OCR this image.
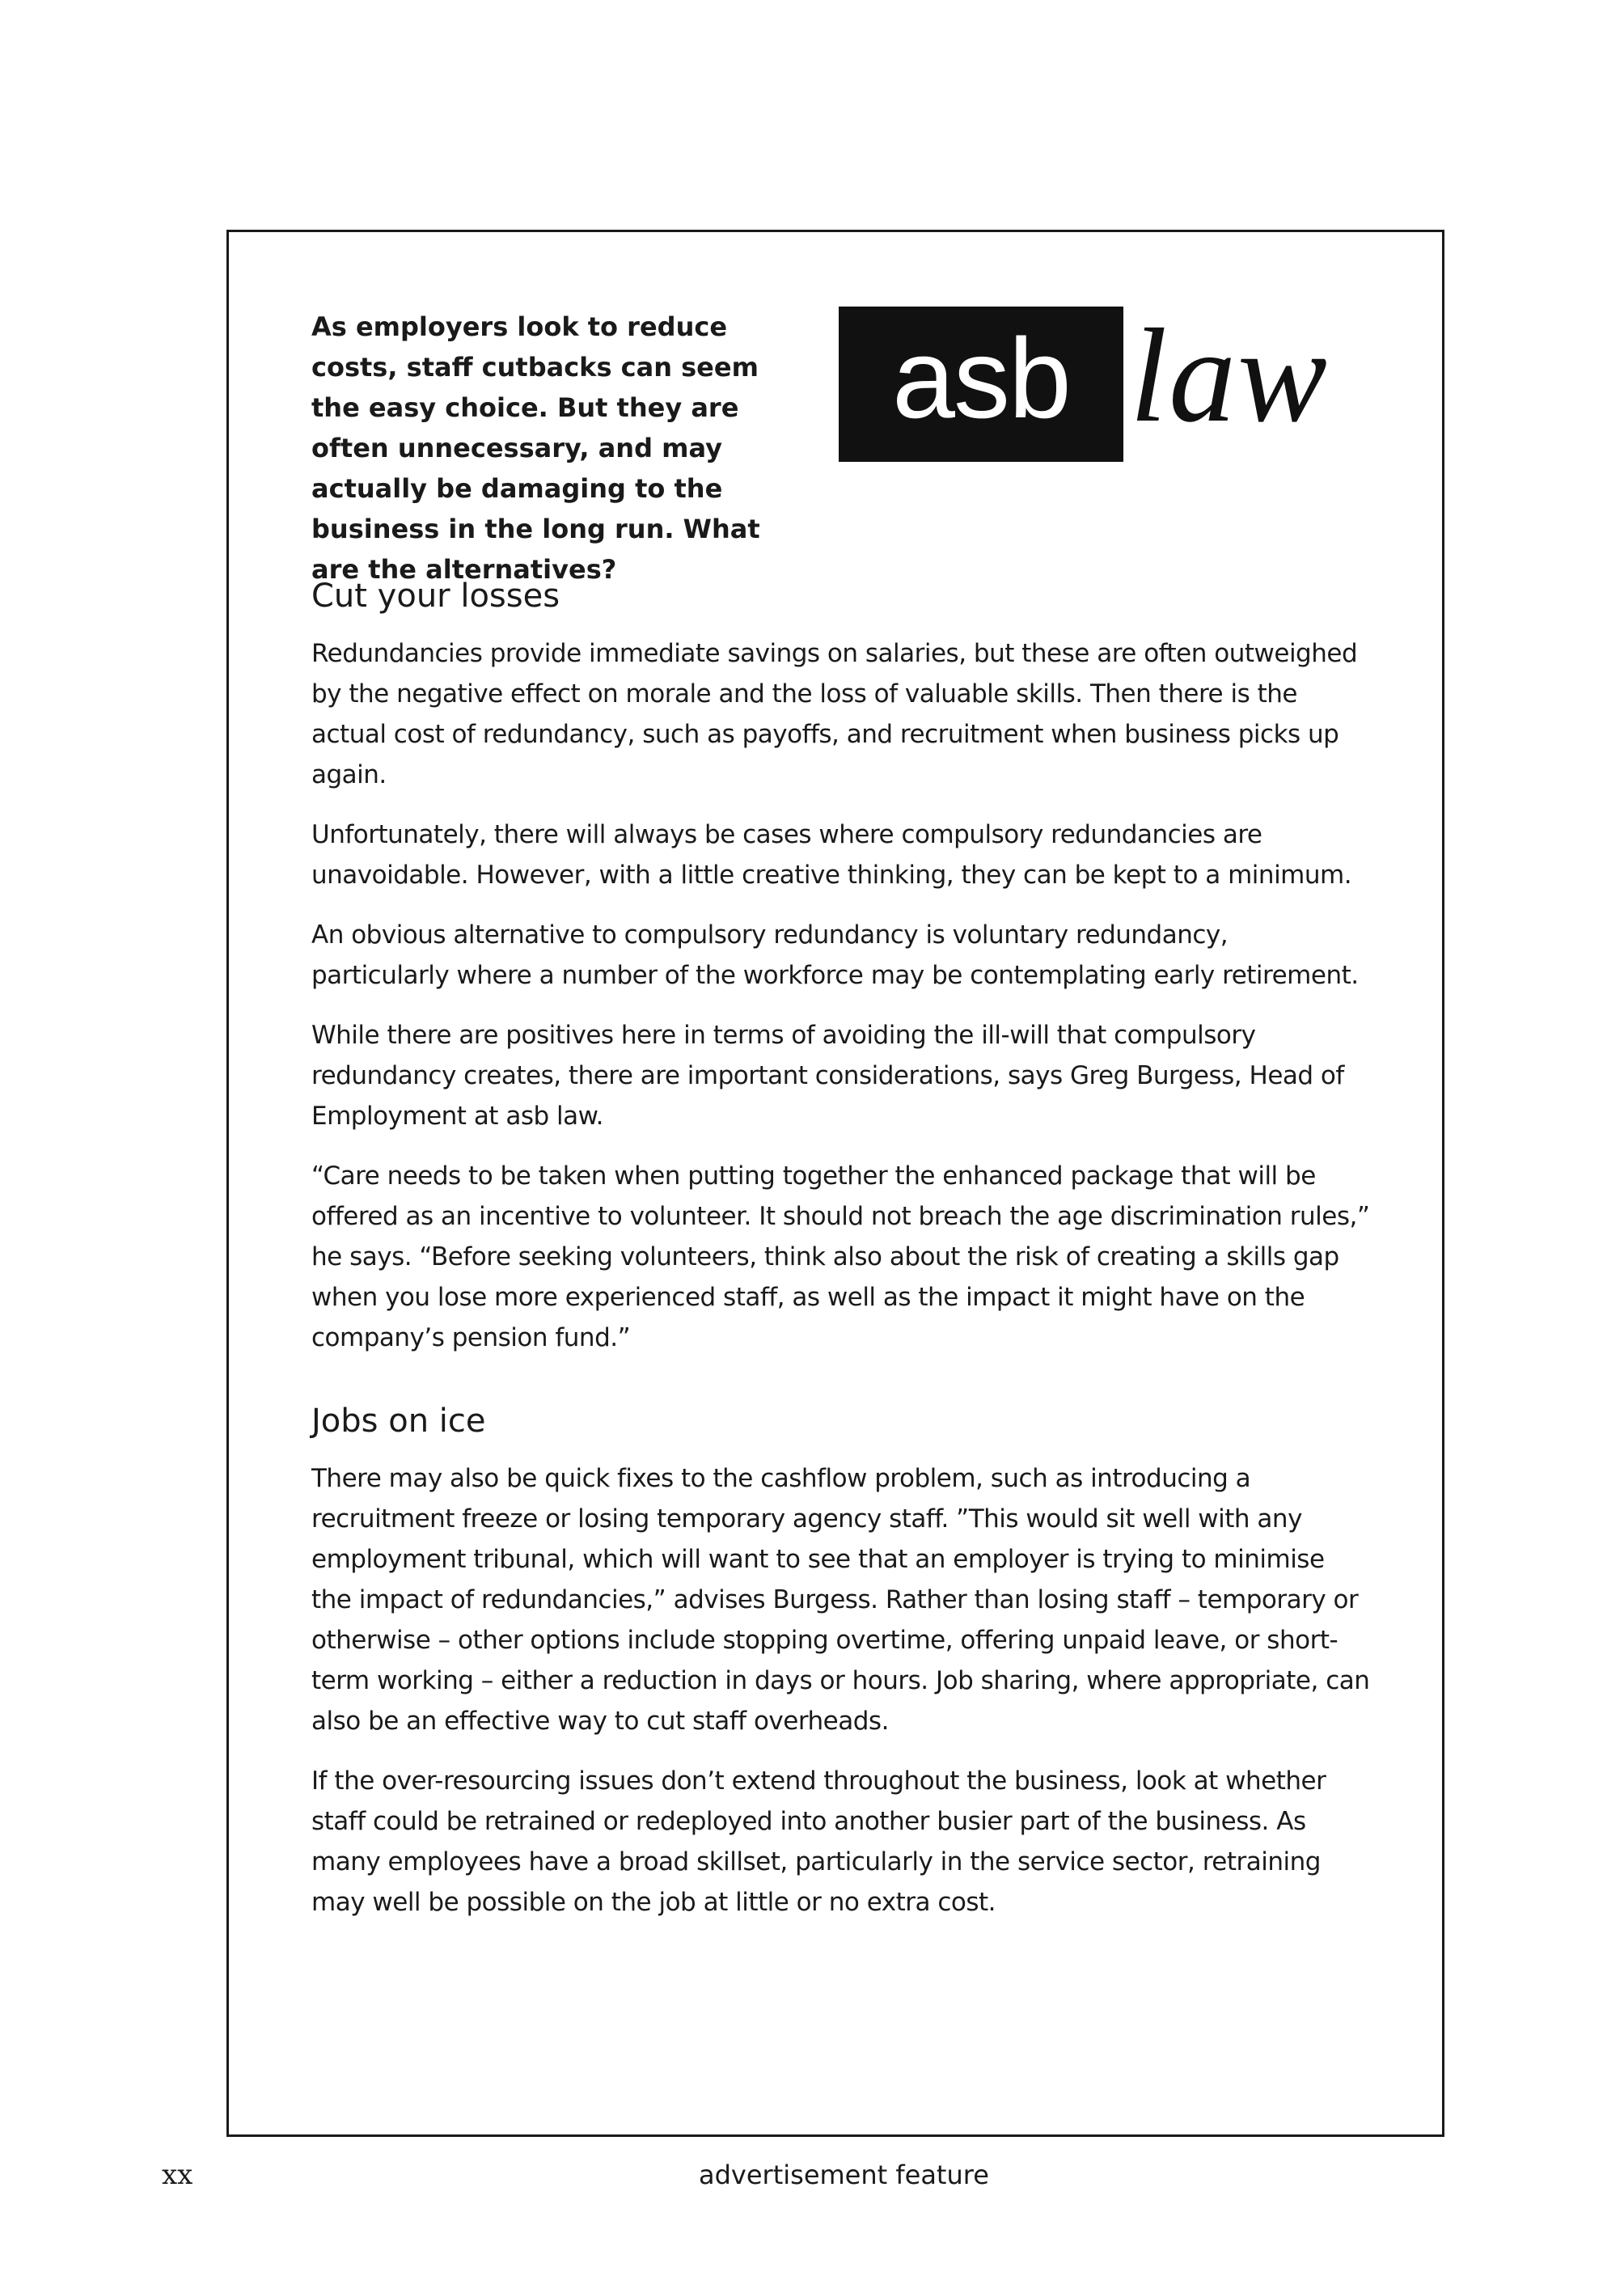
As employers look to reduce costs, staff cutbacks can seem the easy choice. But they are often unnecessary, and may actually be damaging to the business in the long run. What are the alternatives?

asb law
Cut your losses

Redundancies provide immediate savings on salaries, but these are often outweighed by the negative effect on morale and the loss of valuable skills. Then there is the actual cost of redundancy, such as payoffs, and recruitment when business picks up again.

Unfortunately, there will always be cases where compulsory redundancies are unavoidable. However, with a little creative thinking, they can be kept to a minimum.

An obvious alternative to compulsory redundancy is voluntary redundancy, particularly where a number of the workforce may be contemplating early retirement.

While there are positives here in terms of avoiding the ill-will that compulsory redundancy creates, there are important considerations, says Greg Burgess, Head of Employment at asb law.

“Care needs to be taken when putting together the enhanced package that will be offered as an incentive to volunteer. It should not breach the age discrimination rules,” he says. “Before seeking volunteers, think also about the risk of creating a skills gap when you lose more experienced staff, as well as the impact it might have on the company’s pension fund.”

Jobs on ice

There may also be quick fixes to the cashflow problem, such as introducing a recruitment freeze or losing temporary agency staff. ”This would sit well with any employment tribunal, which will want to see that an employer is trying to minimise the impact of redundancies,” advises Burgess. Rather than losing staff – temporary or otherwise – other options include stopping overtime, offering unpaid leave, or short-term working – either a reduction in days or hours. Job sharing, where appropriate, can also be an effective way to cut staff overheads.

If the over-resourcing issues don’t extend throughout the business, look at whether staff could be retrained or redeployed into another busier part of the business. As many employees have a broad skillset, particularly in the service sector, retraining may well be possible on the job at little or no extra cost.

xx	advertisement feature
